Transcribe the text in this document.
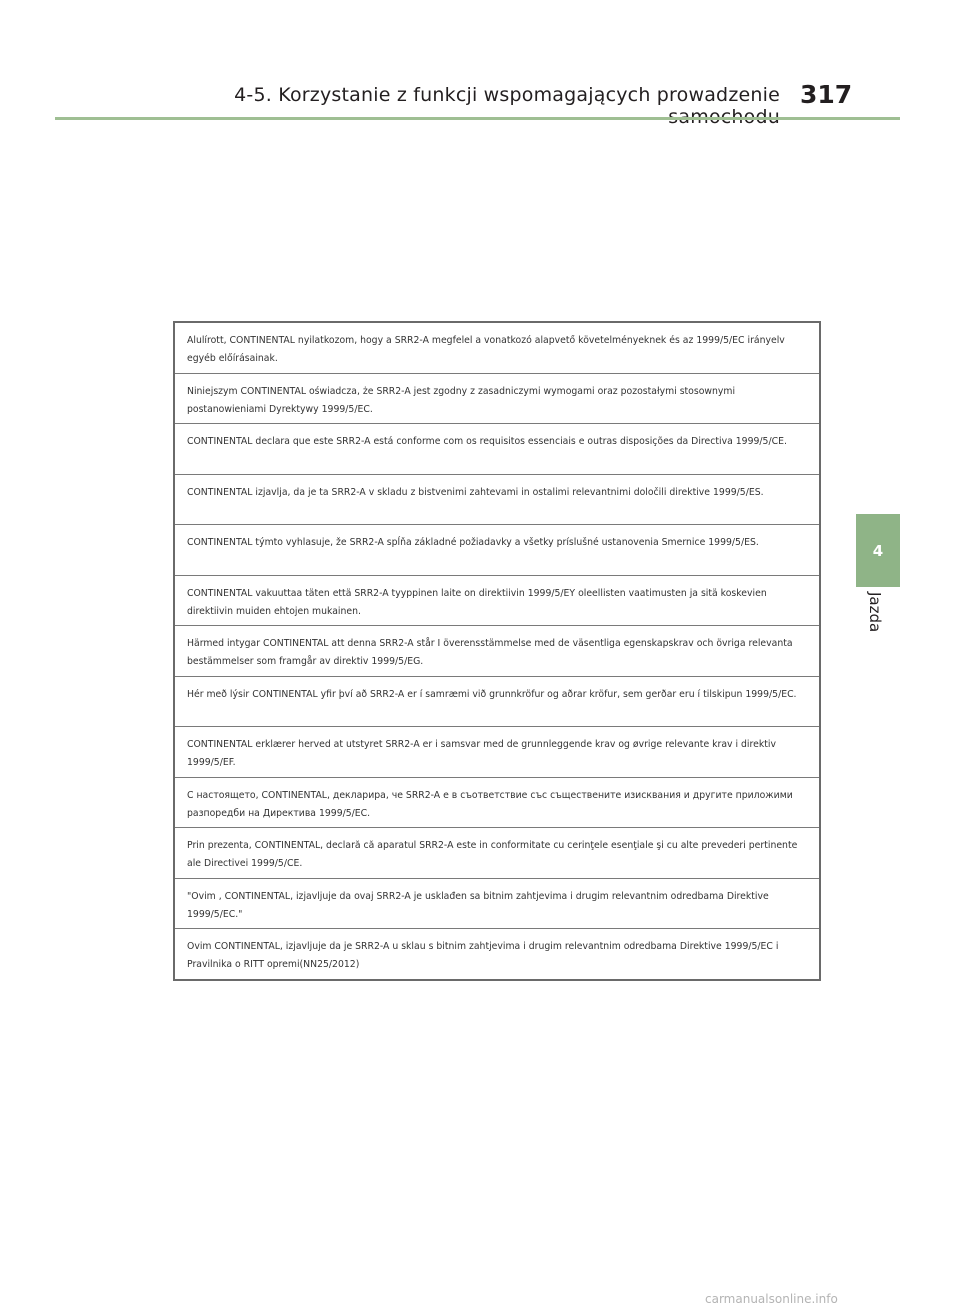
4-5. Korzystanie z funkcji wspomagających prowadzenie 317
4
Jazda
Alulírott, CONTINENTAL nyilatkozom, hogy a SRR2-A megfelel a vonatkozó alapvető követelményeknek és az 1999/5/EC irányelv egyéb előírásainak.
Niniejszym CONTINENTAL oświadcza, że SRR2-A jest zgodny z zasadniczymi wymogami oraz pozostałymi stosownymi postanowieniami Dyrektywy 1999/5/EC.
CONTINENTAL declara que este SRR2-A está conforme com os requisitos essenciais e outras disposições da Directiva 1999/5/CE.
CONTINENTAL izjavlja, da je ta SRR2-A v skladu z bistvenimi zahtevami in ostalimi relevantnimi določili direktive 1999/5/ES.
CONTINENTAL týmto vyhlasuje, že SRR2-A spĺňa základné požiadavky a všetky príslušné ustanovenia Smernice 1999/5/ES.
CONTINENTAL vakuuttaa täten että SRR2-A tyyppinen laite on direktiivin 1999/5/EY oleellisten vaatimusten ja sitä koskevien direktiivin muiden ehtojen mukainen.
Härmed intygar CONTINENTAL att denna SRR2-A står I överensstämmelse med de väsentliga egenskapskrav och övriga relevanta bestämmelser som framgår av direktiv 1999/5/EG.
Hér með lýsir CONTINENTAL yfir því að SRR2-A er í samræmi við grunnkröfur og aðrar kröfur, sem gerðar eru í tilskipun 1999/5/EC.
CONTINENTAL erklærer herved at utstyret SRR2-A er i samsvar med de grunnleggende krav og øvrige relevante krav i direktiv 1999/5/EF.
С настоящето, CONTINENTAL, декларира, че SRR2-A е в съответствие със съществените изисквания и другите приложими разпоредби на Директива 1999/5/EC.
Prin prezenta, CONTINENTAL, declară că aparatul SRR2-A este in conformitate cu cerinţele esenţiale şi cu alte prevederi pertinente ale Directivei 1999/5/CE.
"Ovim , CONTINENTAL, izjavljuje da ovaj SRR2-A je usklađen sa bitnim zahtjevima i drugim relevantnim odredbama Direktive 1999/5/EC."
Ovim CONTINENTAL, izjavljuje da je SRR2-A u sklau s bitnim zahtjevima i drugim relevantnim odredbama Direktive 1999/5/EC i Pravilnika o RITT opremi(NN25/2012)
carmanualsonline.info
